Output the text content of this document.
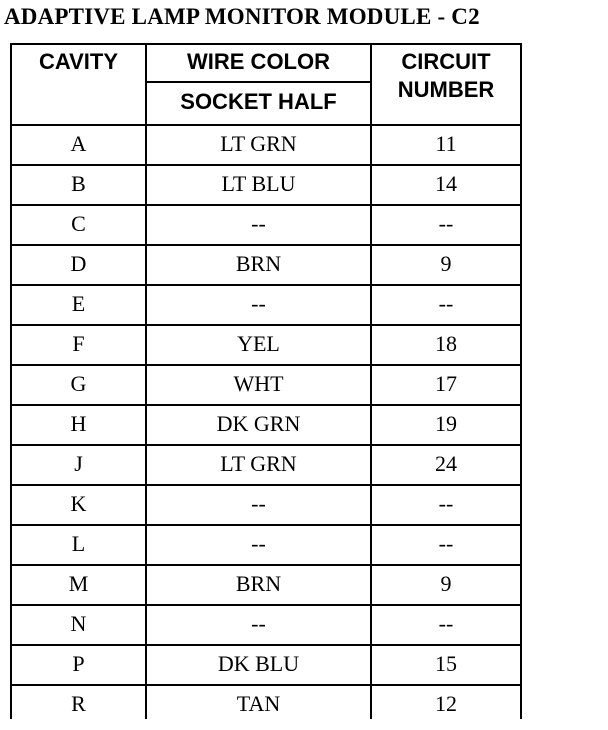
ADAPTIVE LAMP MONITOR MODULE - C2
CAVITY	WIRE COLOR
SOCKET HALF
CIRCUIT
NUMBER
A	LT GRN	11
B	LT BLU	14
C	--	--
D	BRN	9
E	--	--
F	YEL	18
G	WHT	17
H	DK GRN	19
J	LT GRN	24
K	--	--
L	--	--
M	BRN	9
N	--	--
P	DK BLU	15
R	TAN	12
